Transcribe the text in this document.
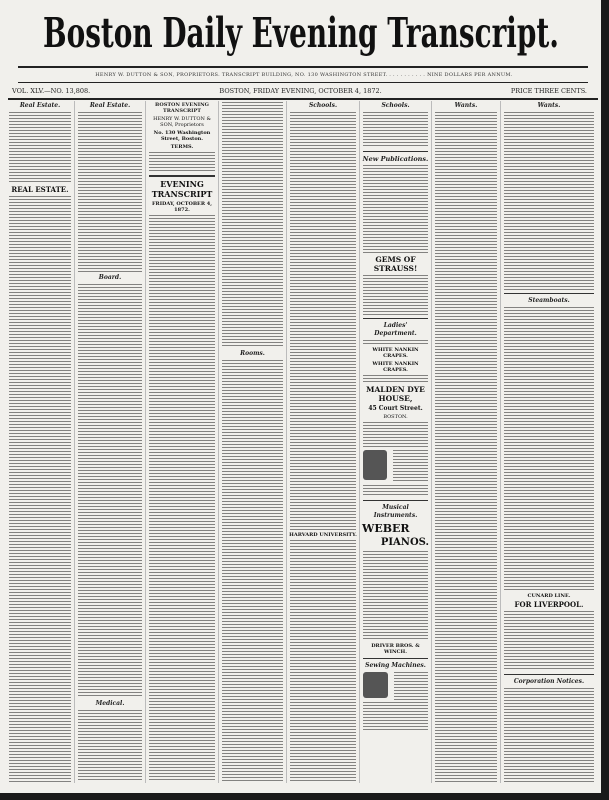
Boston Daily Evening Transcript.
HENRY W. DUTTON & SON, PROPRIETORS. TRANSCRIPT BUILDING, NO. 130 WASHINGTON STREET. . . . . . . . . . . NINE DOLLARS PER ANNUM.
VOL. XLV.—NO. 13,808.	BOSTON, FRIDAY EVENING, OCTOBER 4, 1872.	PRICE THREE CENTS.
Real Estate.
REAL ESTATE.
Real Estate.
Board.
Medical.
BOSTON EVENING TRANSCRIPT
HENRY W. DUTTON & SON, Proprietors
No. 130 Washington Street, Boston.
TERMS.
EVENING TRANSCRIPT
FRIDAY, OCTOBER 4, 1872.
Rooms.
Schools.
HARVARD UNIVERSITY.
Schools.
New Publications.
GEMS OF STRAUSS!
Ladies' Department.
WHITE NANKIN CRAPES.
WHITE NANKIN CRAPES.
MALDEN DYE HOUSE,
45 Court Street.
BOSTON.
Musical Instruments.
WEBER
PIANOS.
DRIVER BROS. & WINCH.
Sewing Machines.
Wants.	Wants.
Steamboats.
CUNARD LINE.
FOR LIVERPOOL.
Corporation Notices.
